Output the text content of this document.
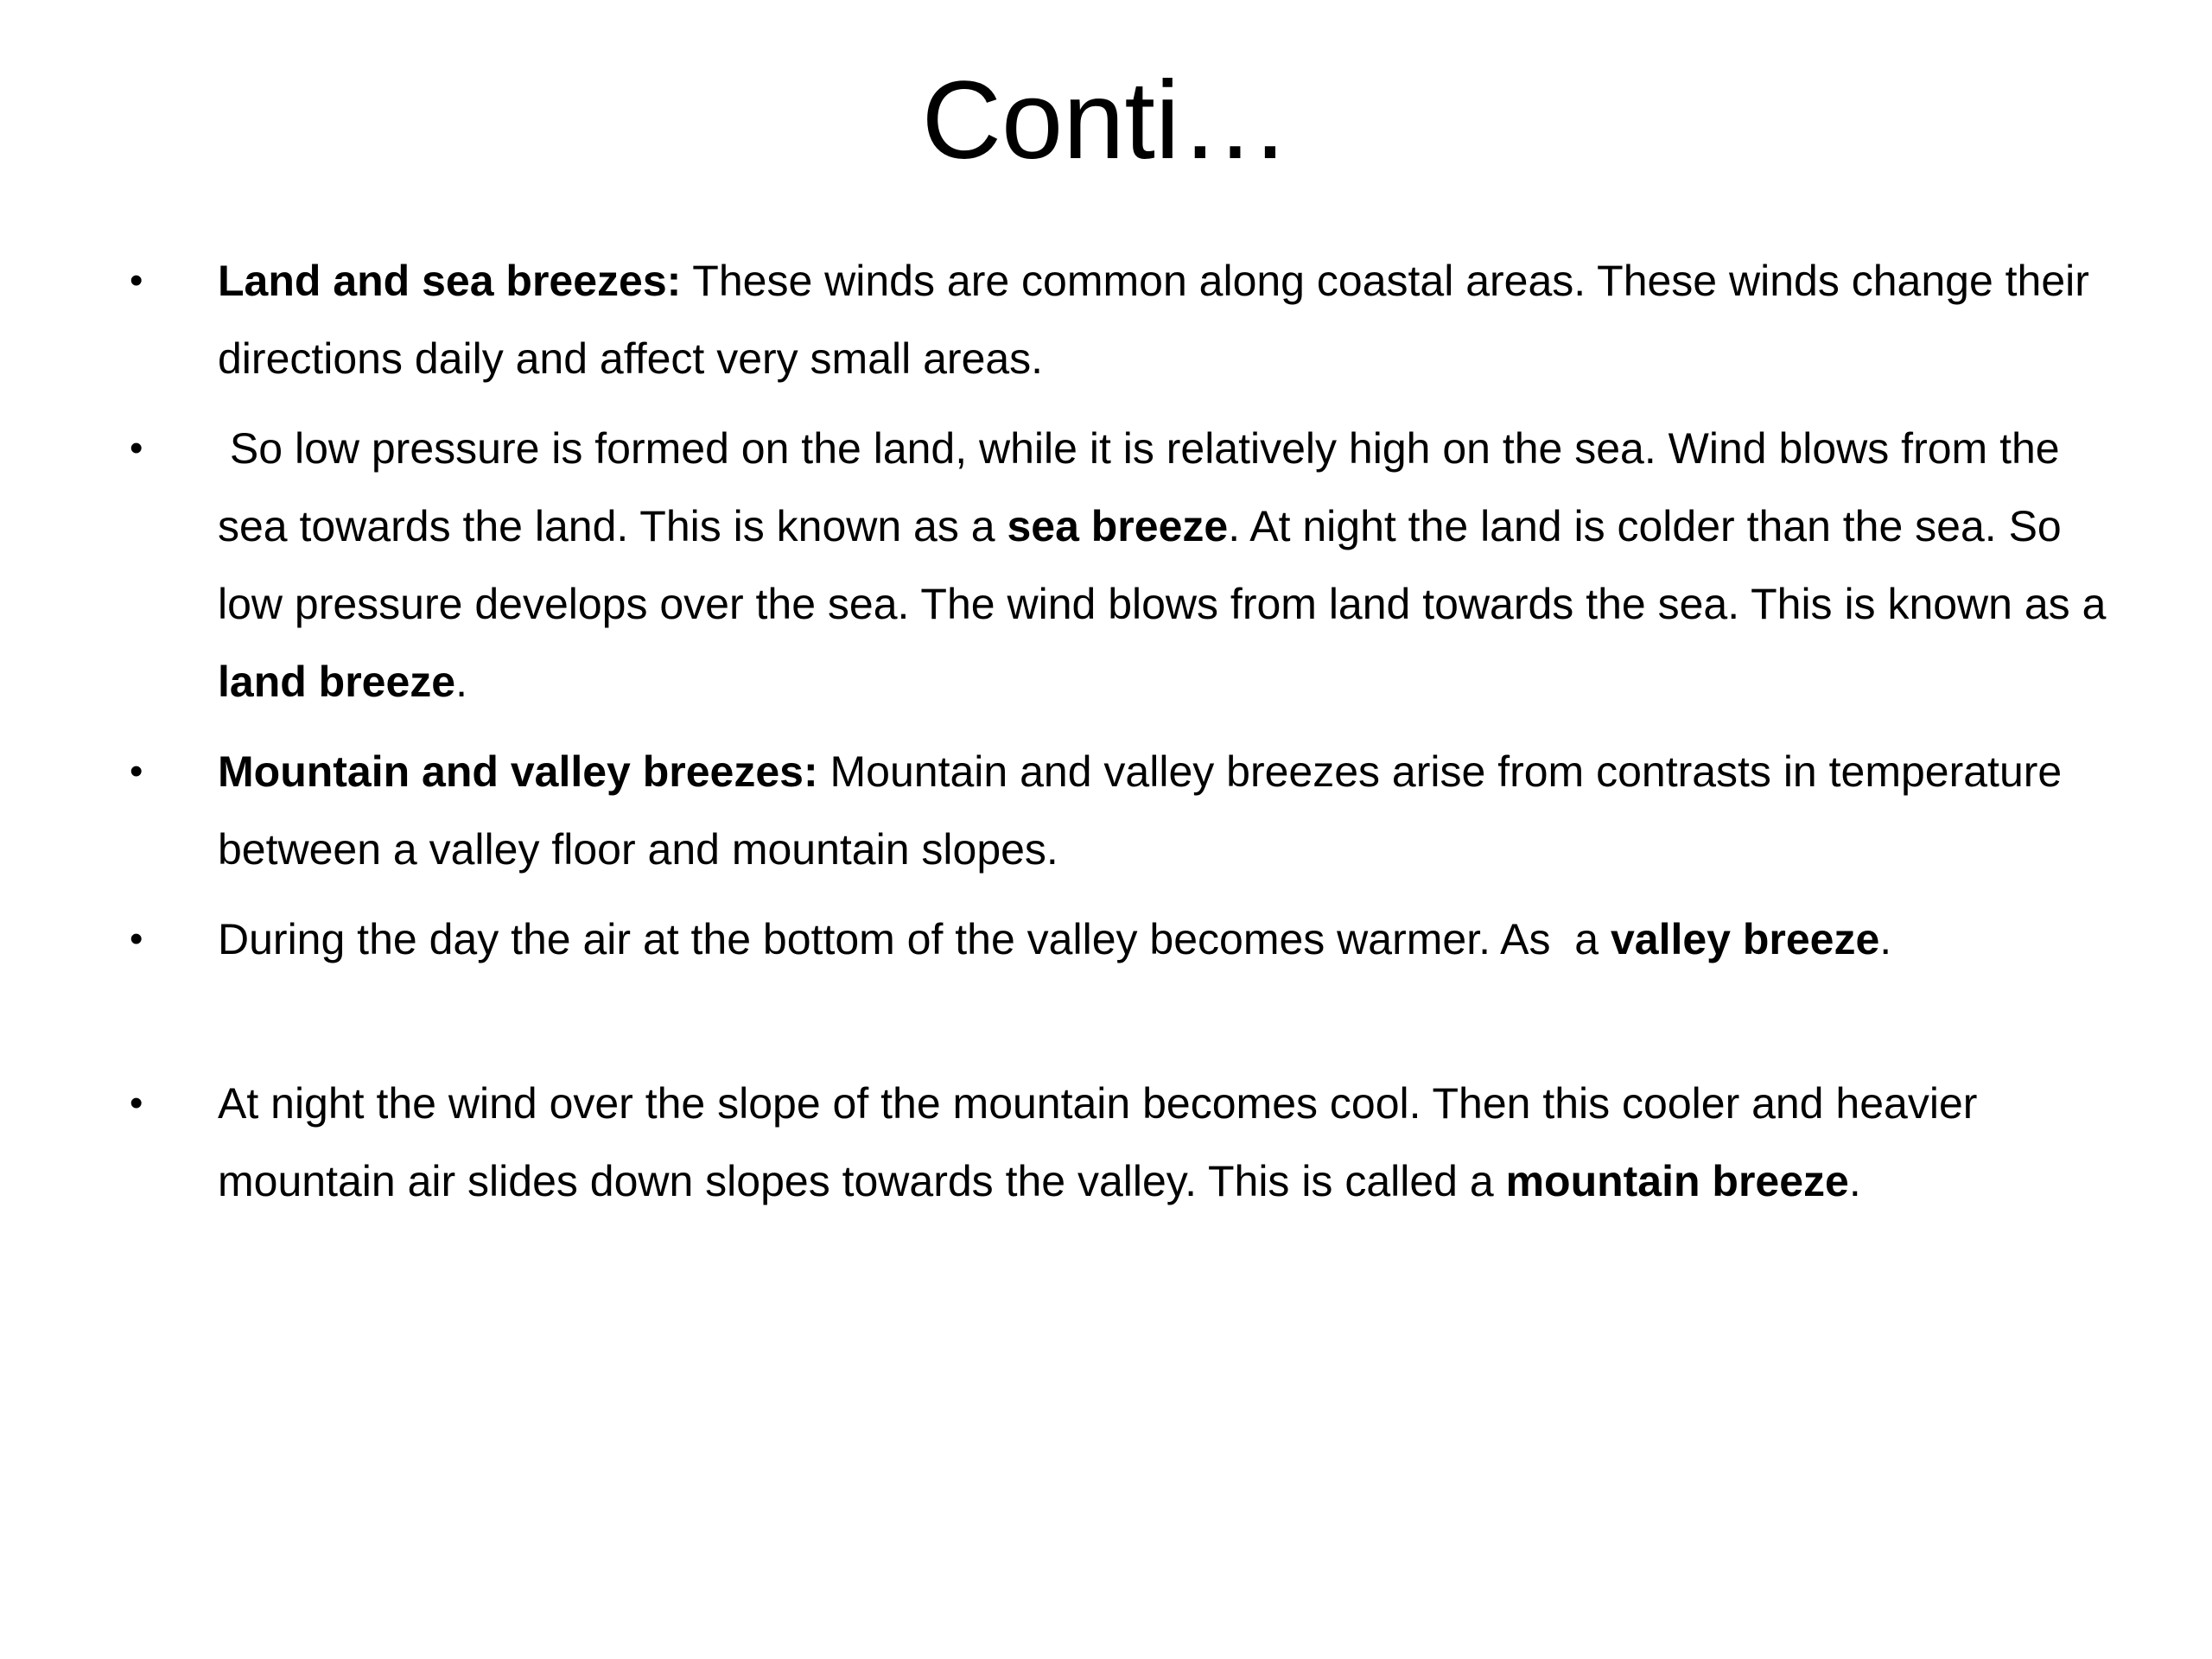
Conti…
• Land and sea breezes: These winds are common along coastal areas. These winds change their directions daily and affect very small areas.
• So low pressure is formed on the land, while it is relatively high on the sea. Wind blows from the sea towards the land. This is known as a sea breeze. At night the land is colder than the sea. So low pressure develops over the sea. The wind blows from land towards the sea. This is known as a land breeze.
• Mountain and valley breezes: Mountain and valley breezes arise from contrasts in temperature between a valley floor and mountain slopes.
• During the day the air at the bottom of the valley becomes warmer. As  a valley breeze.
• At night the wind over the slope of the mountain becomes cool. Then this cooler and heavier mountain air slides down slopes towards the valley. This is called a mountain breeze.
